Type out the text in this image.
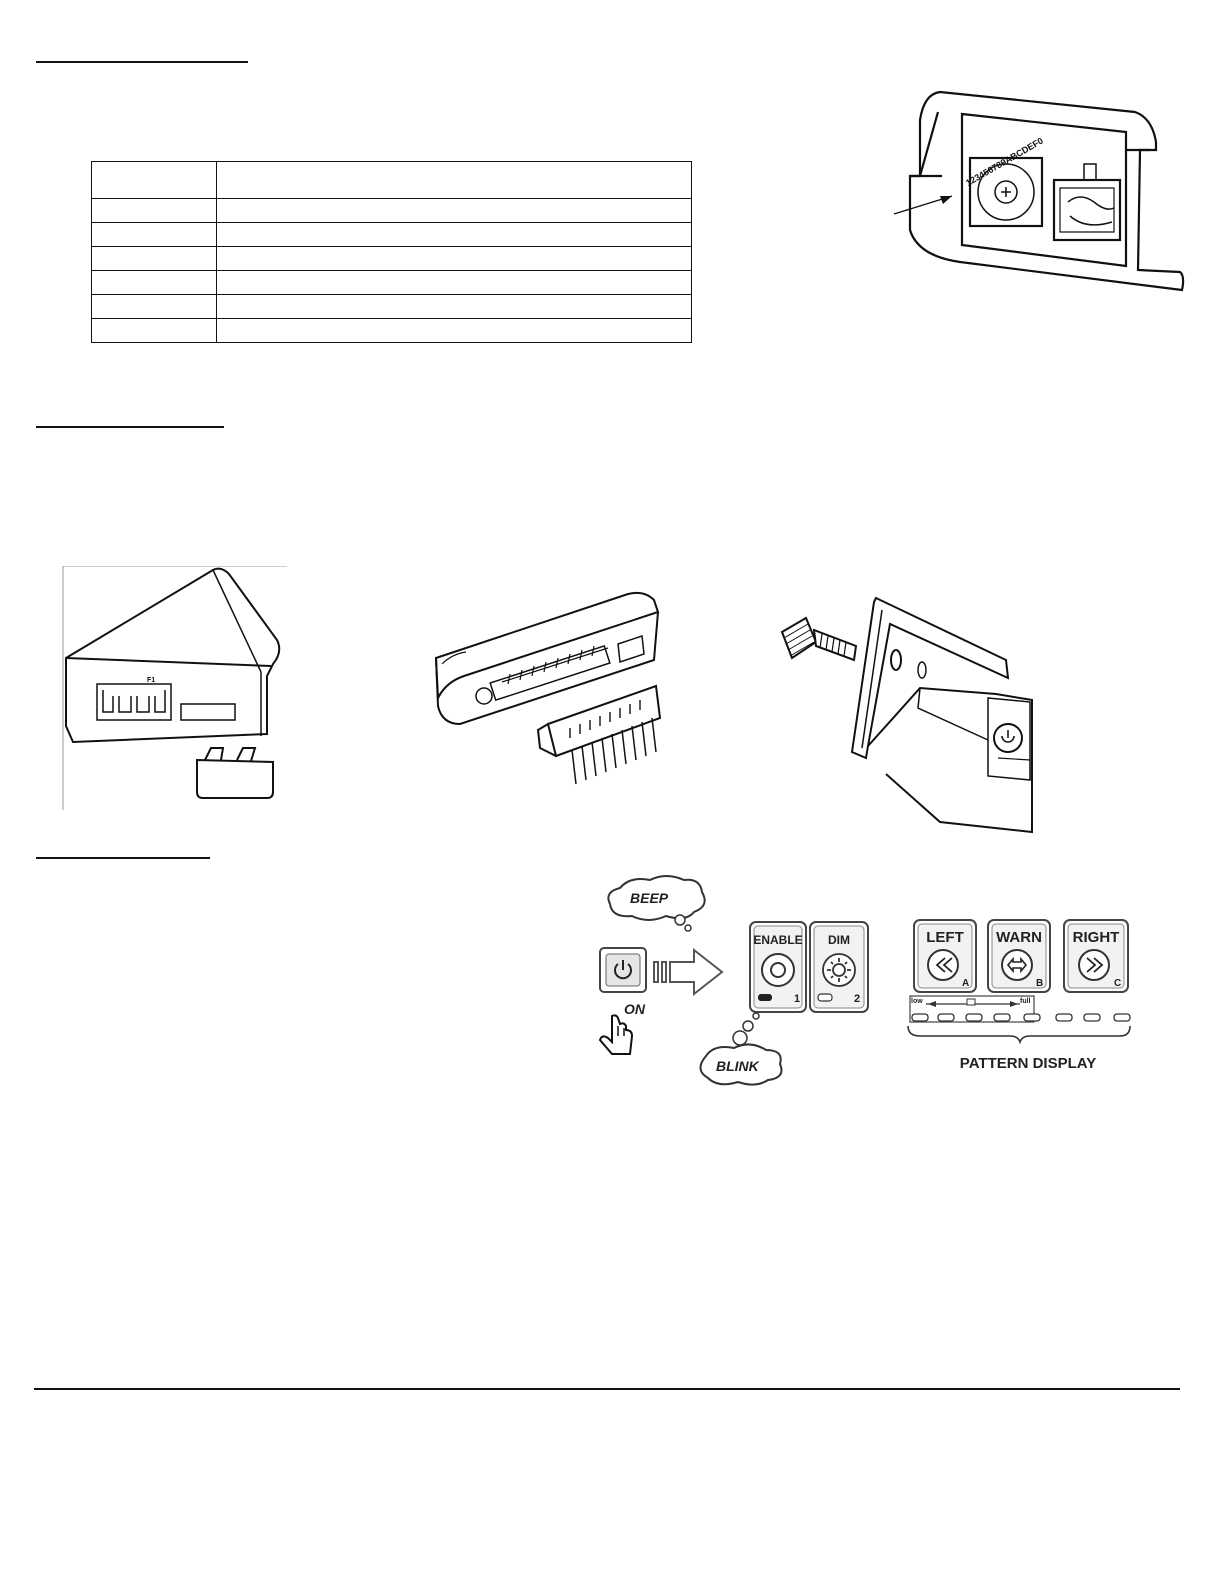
123456789ABCDEF0
F1
BEEP
ON
ENABLE
1
BLINK
DIM
2
LEFT
A
WARN
B
RIGHT
C
low	full
PATTERN DISPLAY
